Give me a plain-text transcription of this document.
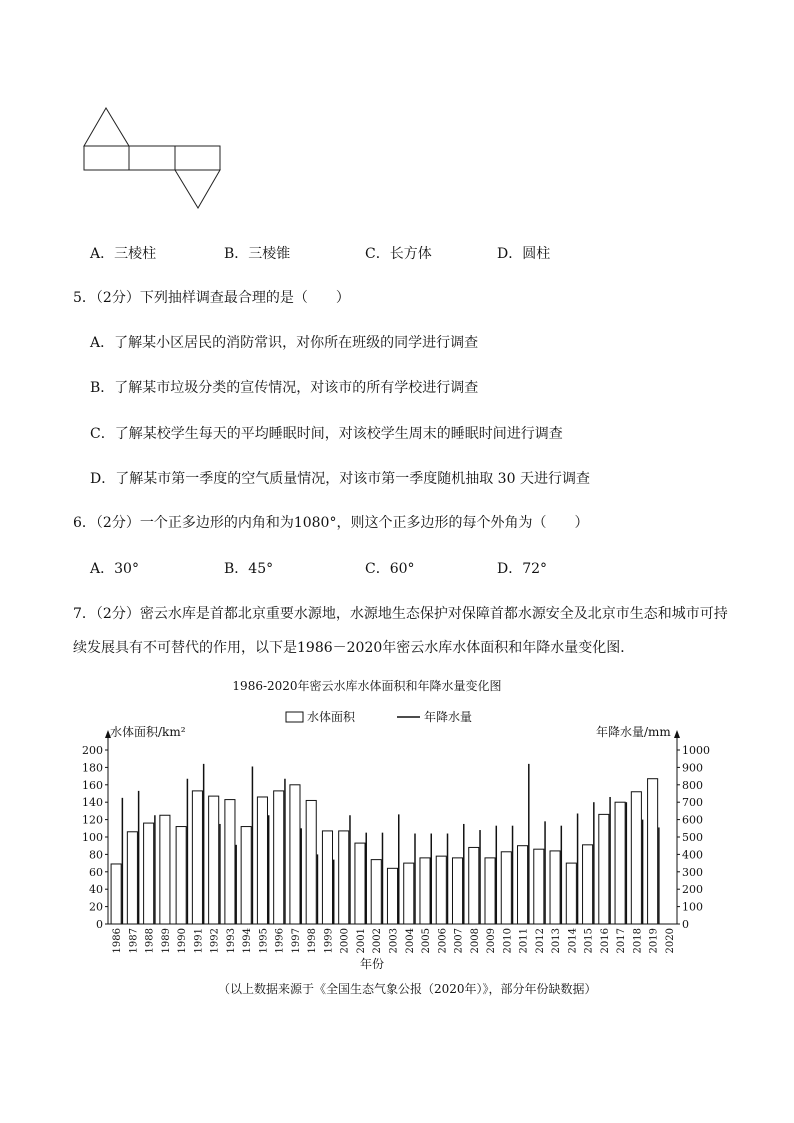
A．三棱柱	B．三棱锥	C．长方体	D．圆柱
5．（2分）下列抽样调查最合理的是（　　）
A．了解某小区居民的消防常识，对你所在班级的同学进行调查
B．了解某市垃圾分类的宣传情况，对该市的所有学校进行调查
C．了解某校学生每天的平均睡眠时间，对该校学生周末的睡眠时间进行调查
D．了解某市第一季度的空气质量情况，对该市第一季度随机抽取 30 天进行调查
6．（2分）一个正多边形的内角和为1080°，则这个正多边形的每个外角为（　　）
A．30°	B．45°	C．60°	D．72°
7．（2分）密云水库是首都北京重要水源地，水源地生态保护对保障首都水源安全及北京市生态和城市可持
续发展具有不可替代的作用，以下是1986－2020年密云水库水体面积和年降水量变化图．
1986-2020年密云水库水体面积和年降水量变化图
水体面积	年降水量
水体面积/km²	年降水量/mm
0
20
40
60
80
100
120
140
160
180
200
0
100
200
300
400
500
600
700
800
900
1000
1986 1987 1988 1989 1990 1991 1992 1993 1994 1995 1996 1997 1998 1999 2000 2001 2002 2003 2004 2005 2006 2007 2008 2009 2010 2011 2012 2013 2014 2015 2016 2017 2018 2019 2020
年份
（以上数据来源于《全国生态气象公报（2020年）》，部分年份缺数据）
